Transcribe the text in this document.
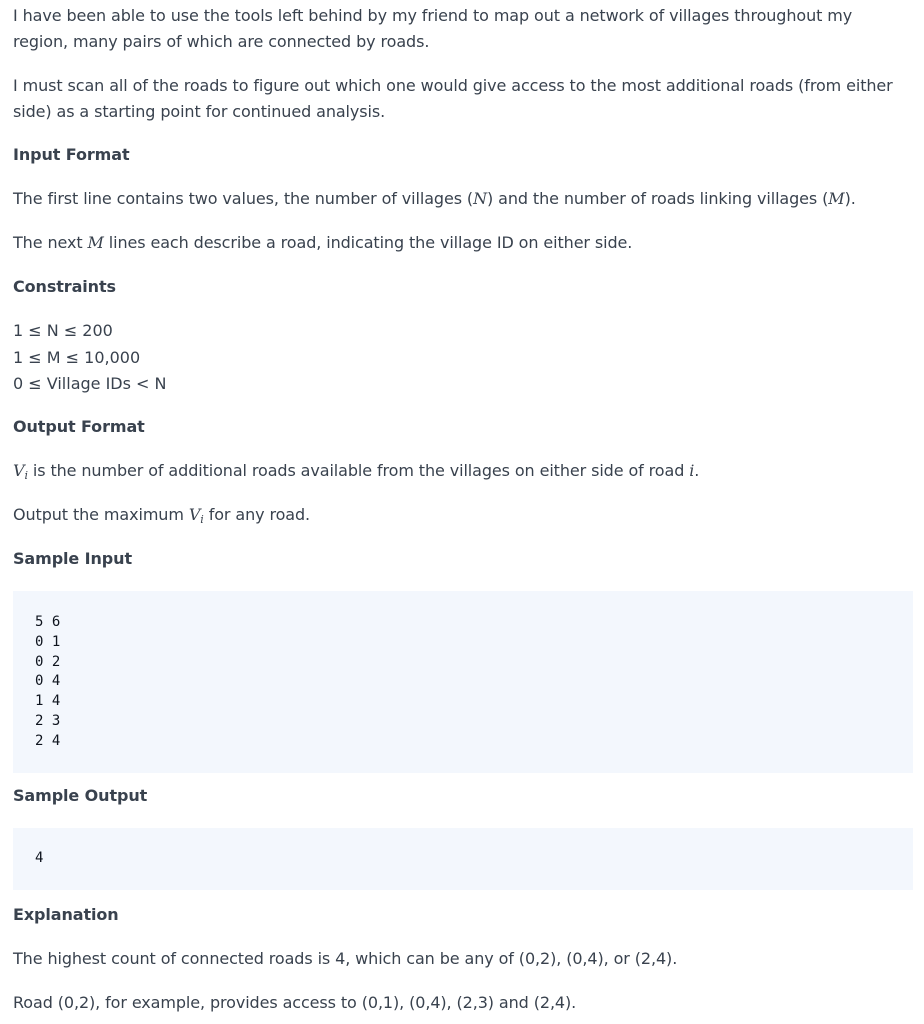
I have been able to use the tools left behind by my friend to map out a network of villages throughout my region, many pairs of which are connected by roads.

I must scan all of the roads to figure out which one would give access to the most additional roads (from either side) as a starting point for continued analysis.

Input Format

The first line contains two values, the number of villages (N) and the number of roads linking villages (M).

The next M lines each describe a road, indicating the village ID on either side.

Constraints
1 ≤ N ≤ 200
1 ≤ M ≤ 10,000
0 ≤ Village IDs < N
Output Format

$V_i$ is the number of additional roads available from the villages on either side of road i.

Output the maximum $V_i$ for any road.

Sample Input
5 6
0 1
0 2
0 4
1 4
2 3
2 4
Sample Output
4
Explanation

The highest count of connected roads is 4, which can be any of (0,2), (0,4), or (2,4).

Road (0,2), for example, provides access to (0,1), (0,4), (2,3) and (2,4).
